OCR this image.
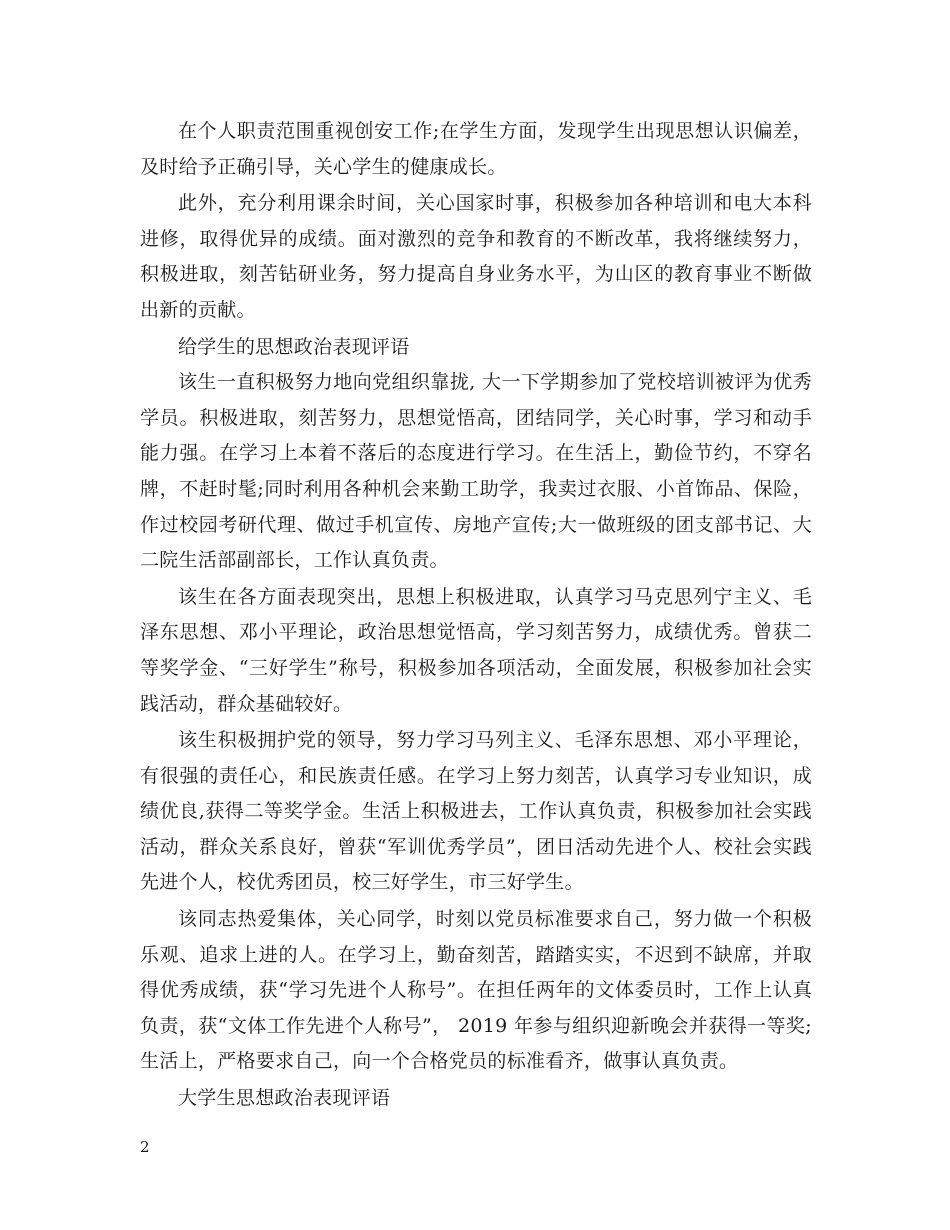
在个人职责范围重视创安工作;在学生方面，发现学生出现思想认识偏差，及时给予正确引导，关心学生的健康成长。

此外，充分利用课余时间，关心国家时事，积极参加各种培训和电大本科进修，取得优异的成绩。面对激烈的竞争和教育的不断改革，我将继续努力，积极进取，刻苦钻研业务，努力提高自身业务水平，为山区的教育事业不断做出新的贡献。

给学生的思想政治表现评语

该生一直积极努力地向党组织靠拢, 大一下学期参加了党校培训被评为优秀学员。积极进取，刻苦努力，思想觉悟高，团结同学，关心时事，学习和动手能力强。在学习上本着不落后的态度进行学习。在生活上，勤俭节约，不穿名牌，不赶时髦;同时利用各种机会来勤工助学，我卖过衣服、小首饰品、保险，作过校园考研代理、做过手机宣传、房地产宣传;大一做班级的团支部书记、大二院生活部副部长，工作认真负责。

该生在各方面表现突出，思想上积极进取，认真学习马克思列宁主义、毛泽东思想、邓小平理论，政治思想觉悟高，学习刻苦努力，成绩优秀。曾获二等奖学金、“三好学生”称号，积极参加各项活动，全面发展，积极参加社会实践活动，群众基础较好。

该生积极拥护党的领导，努力学习马列主义、毛泽东思想、邓小平理论，有很强的责任心，和民族责任感。在学习上努力刻苦，认真学习专业知识，成绩优良,获得二等奖学金。生活上积极进去，工作认真负责，积极参加社会实践活动，群众关系良好，曾获“军训优秀学员”，团日活动先进个人、校社会实践先进个人，校优秀团员，校三好学生，市三好学生。

该同志热爱集体，关心同学，时刻以党员标准要求自己，努力做一个积极乐观、追求上进的人。在学习上，勤奋刻苦，踏踏实实，不迟到不缺席，并取得优秀成绩，获“学习先进个人称号”。在担任两年的文体委员时，工作上认真负责，获“文体工作先进个人称号”， 2019 年参与组织迎新晚会并获得一等奖;生活上，严格要求自己，向一个合格党员的标准看齐，做事认真负责。

大学生思想政治表现评语

2
